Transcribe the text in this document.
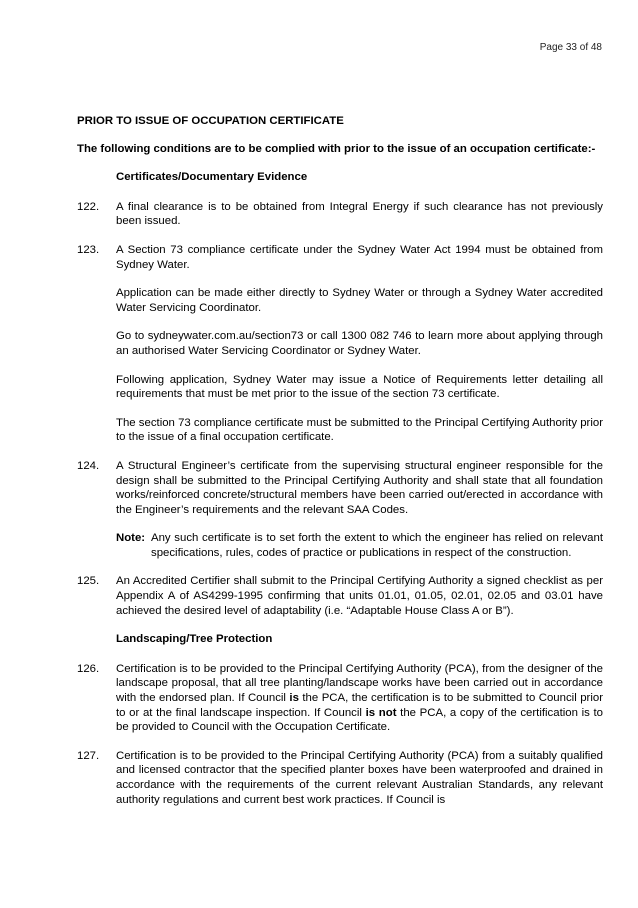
Page 33 of 48
PRIOR TO ISSUE OF OCCUPATION CERTIFICATE
The following conditions are to be complied with prior to the issue of an occupation certificate:-
Certificates/Documentary Evidence
122.	A final clearance is to be obtained from Integral Energy if such clearance has not previously been issued.
123.	A Section 73 compliance certificate under the Sydney Water Act 1994 must be obtained from Sydney Water.
Application can be made either directly to Sydney Water or through a Sydney Water accredited Water Servicing Coordinator.
Go to sydneywater.com.au/section73 or call 1300 082 746 to learn more about applying through an authorised Water Servicing Coordinator or Sydney Water.
Following application, Sydney Water may issue a Notice of Requirements letter detailing all requirements that must be met prior to the issue of the section 73 certificate.
The section 73 compliance certificate must be submitted to the Principal Certifying Authority prior to the issue of a final occupation certificate.
124.	A Structural Engineer’s certificate from the supervising structural engineer responsible for the design shall be submitted to the Principal Certifying Authority and shall state that all foundation works/reinforced concrete/structural members have been carried out/erected in accordance with the Engineer’s requirements and the relevant SAA Codes.
Note: Any such certificate is to set forth the extent to which the engineer has relied on relevant specifications, rules, codes of practice or publications in respect of the construction.
125.	An Accredited Certifier shall submit to the Principal Certifying Authority a signed checklist as per Appendix A of AS4299-1995 confirming that units 01.01, 01.05, 02.01, 02.05 and 03.01 have achieved the desired level of adaptability (i.e. “Adaptable House Class A or B”).
Landscaping/Tree Protection
126.	Certification is to be provided to the Principal Certifying Authority (PCA), from the designer of the landscape proposal, that all tree planting/landscape works have been carried out in accordance with the endorsed plan. If Council is the PCA, the certification is to be submitted to Council prior to or at the final landscape inspection. If Council is not the PCA, a copy of the certification is to be provided to Council with the Occupation Certificate.
127.	Certification is to be provided to the Principal Certifying Authority (PCA) from a suitably qualified and licensed contractor that the specified planter boxes have been waterproofed and drained in accordance with the requirements of the current relevant Australian Standards, any relevant authority regulations and current best work practices. If Council is
